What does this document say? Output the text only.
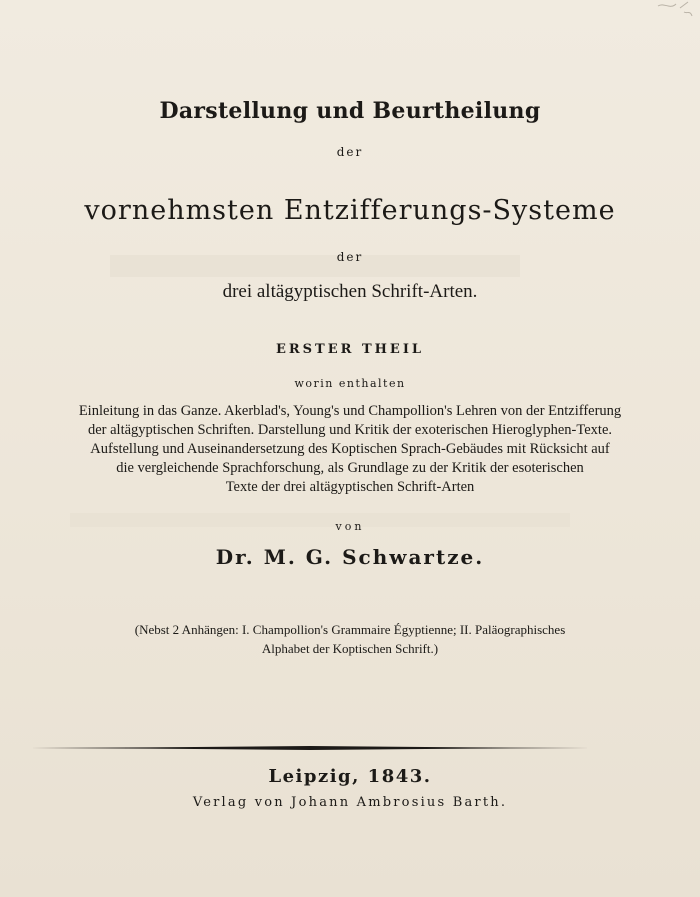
Darstellung und Beurtheilung
der
vornehmsten Entzifferungs-Systeme
der
drei altägyptischen Schrift-Arten.
ERSTER THEIL
worin enthalten
Einleitung in das Ganze. Akerblad's, Young's und Champollion's Lehren von der Entzifferung
der altägyptischen Schriften. Darstellung und Kritik der exoterischen Hieroglyphen-Texte.
Aufstellung und Auseinandersetzung des Koptischen Sprach-Gebäudes mit Rücksicht auf
die vergleichende Sprachforschung, als Grundlage zu der Kritik der esoterischen
Texte der drei altägyptischen Schrift-Arten
von
Dr. M. G. Schwartze.
(Nebst 2 Anhängen: I. Champollion's Grammaire Égyptienne; II. Paläographisches
Alphabet der Koptischen Schrift.)
Leipzig, 1843.
Verlag von Johann Ambrosius Barth.
